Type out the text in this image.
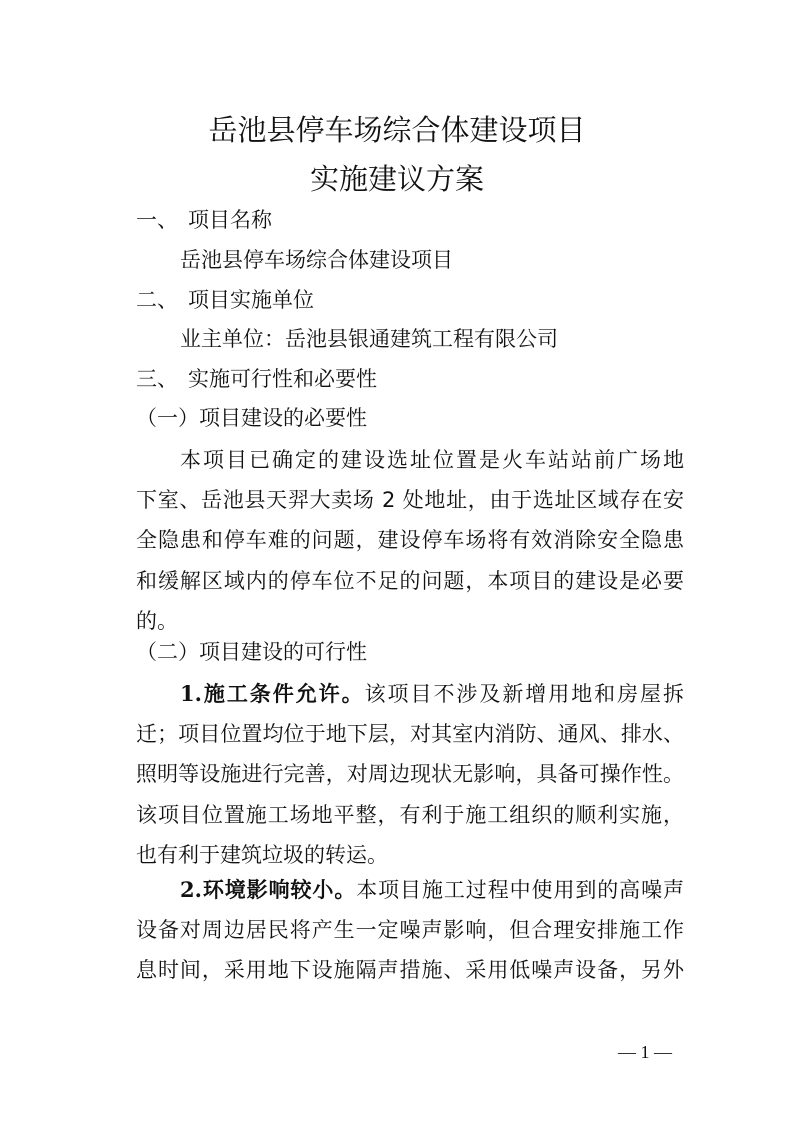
岳池县停车场综合体建设项目
实施建议方案
一、 项目名称
岳池县停车场综合体建设项目
二、 项目实施单位
业主单位：岳池县银通建筑工程有限公司
三、 实施可行性和必要性
（一）项目建设的必要性
本项目已确定的建设选址位置是火车站站前广场地
下室、岳池县天羿大卖场 2 处地址，由于选址区域存在安
全隐患和停车难的问题，建设停车场将有效消除安全隐患
和缓解区域内的停车位不足的问题，本项目的建设是必要
的。
（二）项目建设的可行性
1.施工条件允许。该项目不涉及新增用地和房屋拆
迁；项目位置均位于地下层，对其室内消防、通风、排水、
照明等设施进行完善，对周边现状无影响，具备可操作性。
该项目位置施工场地平整，有利于施工组织的顺利实施，
也有利于建筑垃圾的转运。
2.环境影响较小。本项目施工过程中使用到的高噪声
设备对周边居民将产生一定噪声影响，但合理安排施工作
息时间，采用地下设施隔声措施、采用低噪声设备，另外
— 1 —
